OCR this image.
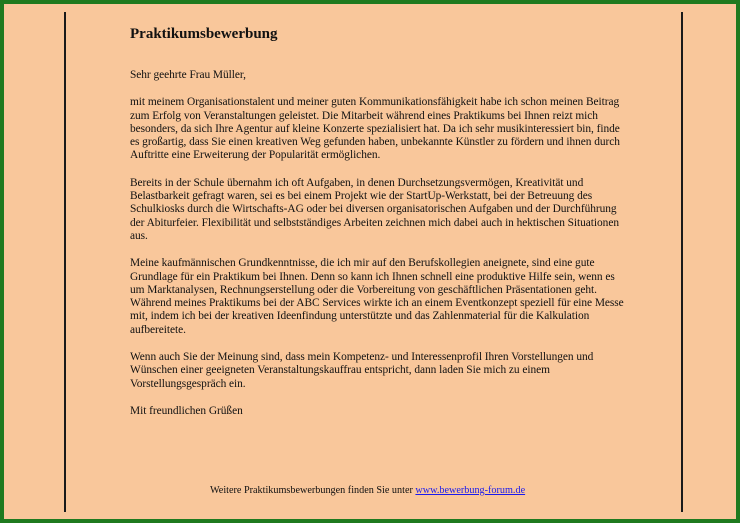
Praktikumsbewerbung

Sehr geehrte Frau Müller,

mit meinem Organisationstalent und meiner guten Kommunikationsfähigkeit habe ich schon meinen Beitrag zum Erfolg von Veranstaltungen geleistet. Die Mitarbeit während eines Praktikums bei Ihnen reizt mich besonders, da sich Ihre Agentur auf kleine Konzerte spezialisiert hat. Da ich sehr musikinteressiert bin, finde es großartig, dass Sie einen kreativen Weg gefunden haben, unbekannte Künstler zu fördern und ihnen durch Auftritte eine Erweiterung der Popularität ermöglichen.

Bereits in der Schule übernahm ich oft Aufgaben, in denen Durchsetzungsvermögen, Kreativität und Belastbarkeit gefragt waren, sei es bei einem Projekt wie der StartUp-Werkstatt, bei der Betreuung des Schulkiosks durch die Wirtschafts-AG oder bei diversen organisatorischen Aufgaben und der Durchführung der Abiturfeier. Flexibilität und selbstständiges Arbeiten zeichnen mich dabei auch in hektischen Situationen aus.

Meine kaufmännischen Grundkenntnisse, die ich mir auf den Berufskollegien aneignete, sind eine gute Grundlage für ein Praktikum bei Ihnen. Denn so kann ich Ihnen schnell eine produktive Hilfe sein, wenn es um Marktanalysen, Rechnungserstellung oder die Vorbereitung von geschäftlichen Präsentationen geht. Während meines Praktikums bei der ABC Services wirkte ich an einem Eventkonzept speziell für eine Messe mit, indem ich bei der kreativen Ideenfindung unterstützte und das Zahlenmaterial für die Kalkulation aufbereitete.

Wenn auch Sie der Meinung sind, dass mein Kompetenz- und Interessenprofil Ihren Vorstellungen und Wünschen einer geeigneten Veranstaltungskauffrau entspricht, dann laden Sie mich zu einem Vorstellungsgespräch ein.

Mit freundlichen Grüßen

Weitere Praktikumsbewerbungen finden Sie unter www.bewerbung-forum.de
